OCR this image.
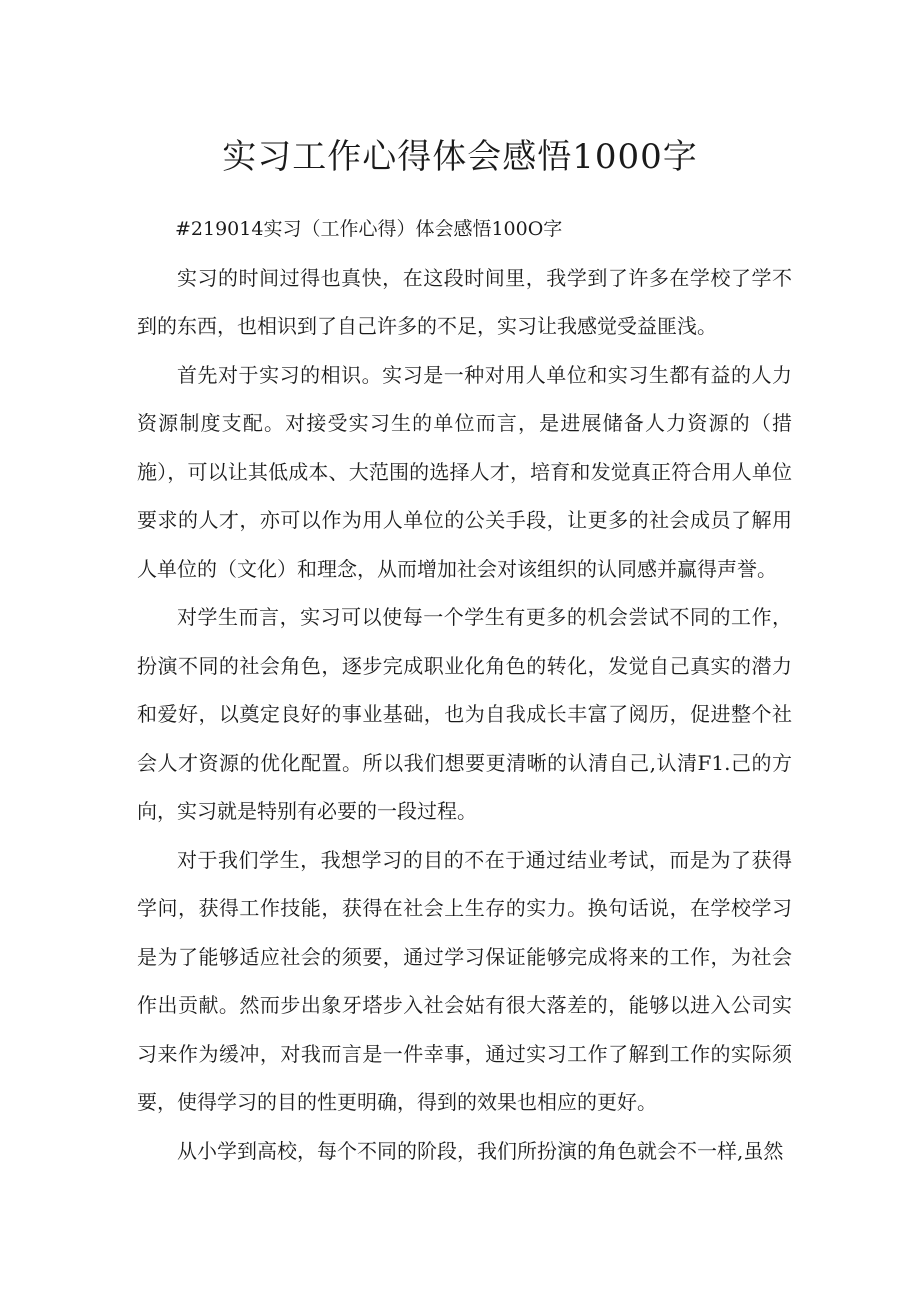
实习工作心得体会感悟1000字

#219014实习（工作心得）体会感悟100O字

实习的时间过得也真快，在这段时间里，我学到了许多在学校了学不到的东西，也相识到了自己许多的不足，实习让我感觉受益匪浅。

首先对于实习的相识。实习是一种对用人单位和实习生都有益的人力资源制度支配。对接受实习生的单位而言，是进展储备人力资源的（措施），可以让其低成本、大范围的选择人才，培育和发觉真正符合用人单位要求的人才，亦可以作为用人单位的公关手段，让更多的社会成员了解用人单位的（文化）和理念，从而增加社会对该组织的认同感并赢得声誉。

对学生而言，实习可以使每一个学生有更多的机会尝试不同的工作，扮演不同的社会角色，逐步完成职业化角色的转化，发觉自己真实的潜力和爱好，以奠定良好的事业基础，也为自我成长丰富了阅历，促进整个社会人才资源的优化配置。所以我们想要更清晰的认清自己,认清F1.己的方向，实习就是特别有必要的一段过程。

对于我们学生，我想学习的目的不在于通过结业考试，而是为了获得学问，获得工作技能，获得在社会上生存的实力。换句话说，在学校学习是为了能够适应社会的须要，通过学习保证能够完成将来的工作，为社会作出贡献。然而步出象牙塔步入社会姑有很大落差的，能够以进入公司实习来作为缓冲，对我而言是一件幸事，通过实习工作了解到工作的实际须要，使得学习的目的性更明确，得到的效果也相应的更好。

从小学到高校，每个不同的阶段，我们所扮演的角色就会不一样,虽然
